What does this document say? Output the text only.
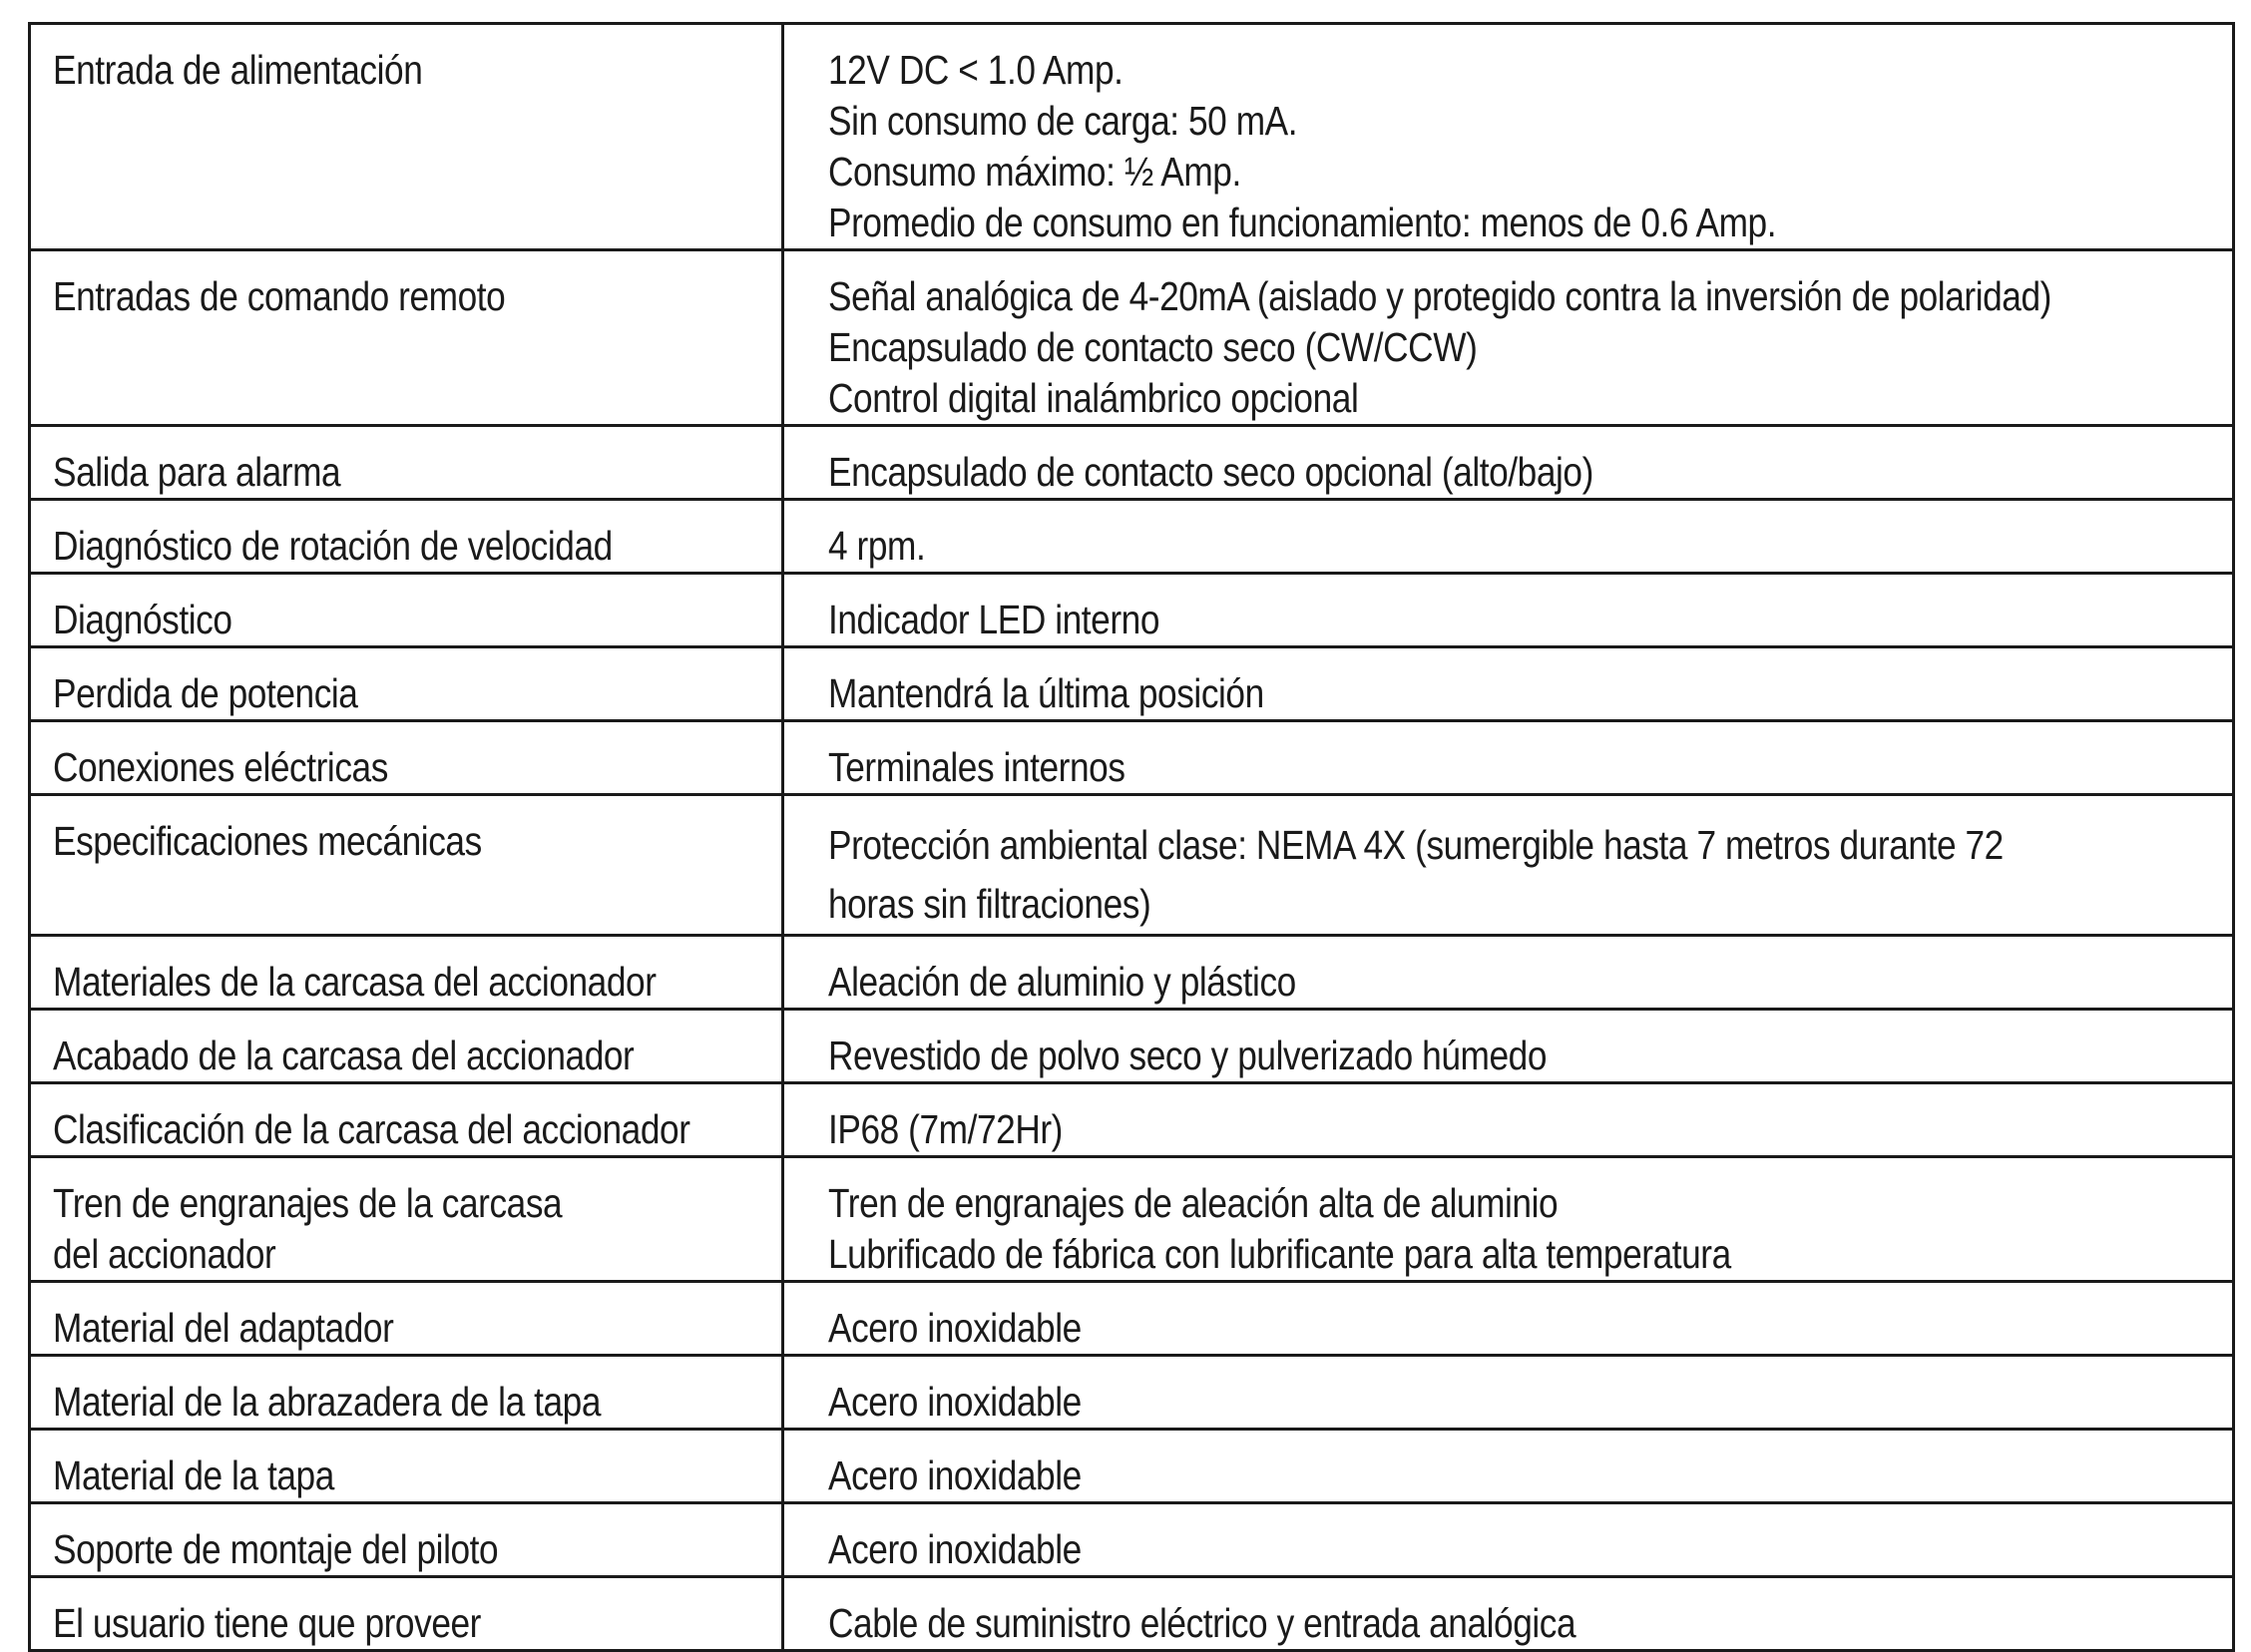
Entrada de alimentación	12V DC < 1.0 Amp.
Sin consumo de carga: 50 mA.
Consumo máximo: ½ Amp.
Promedio de consumo en funcionamiento: menos de 0.6 Amp.

Entradas de comando remoto	Señal analógica de 4-20mA (aislado y protegido contra la inversión de polaridad)
Encapsulado de contacto seco (CW/CCW)
Control digital inalámbrico opcional

Salida para alarma	Encapsulado de contacto seco opcional (alto/bajo)

Diagnóstico de rotación de velocidad	4 rpm.

Diagnóstico	Indicador LED interno

Perdida de potencia	Mantendrá la última posición

Conexiones eléctricas	Terminales internos

Especificaciones mecánicas	Protección ambiental clase: NEMA 4X (sumergible hasta 7 metros durante 72
horas sin filtraciones)

Materiales de la carcasa del accionador	Aleación de aluminio y plástico

Acabado de la carcasa del accionador	Revestido de polvo seco y pulverizado húmedo

Clasificación de la carcasa del accionador	IP68 (7m/72Hr)

Tren de engranajes de la carcasa
del accionador	Tren de engranajes de aleación alta de aluminio
Lubrificado de fábrica con lubrificante para alta temperatura

Material del adaptador	Acero inoxidable

Material de la abrazadera de la tapa	Acero inoxidable

Material de la tapa	Acero inoxidable

Soporte de montaje del piloto	Acero inoxidable

El usuario tiene que proveer	Cable de suministro eléctrico y entrada analógica
